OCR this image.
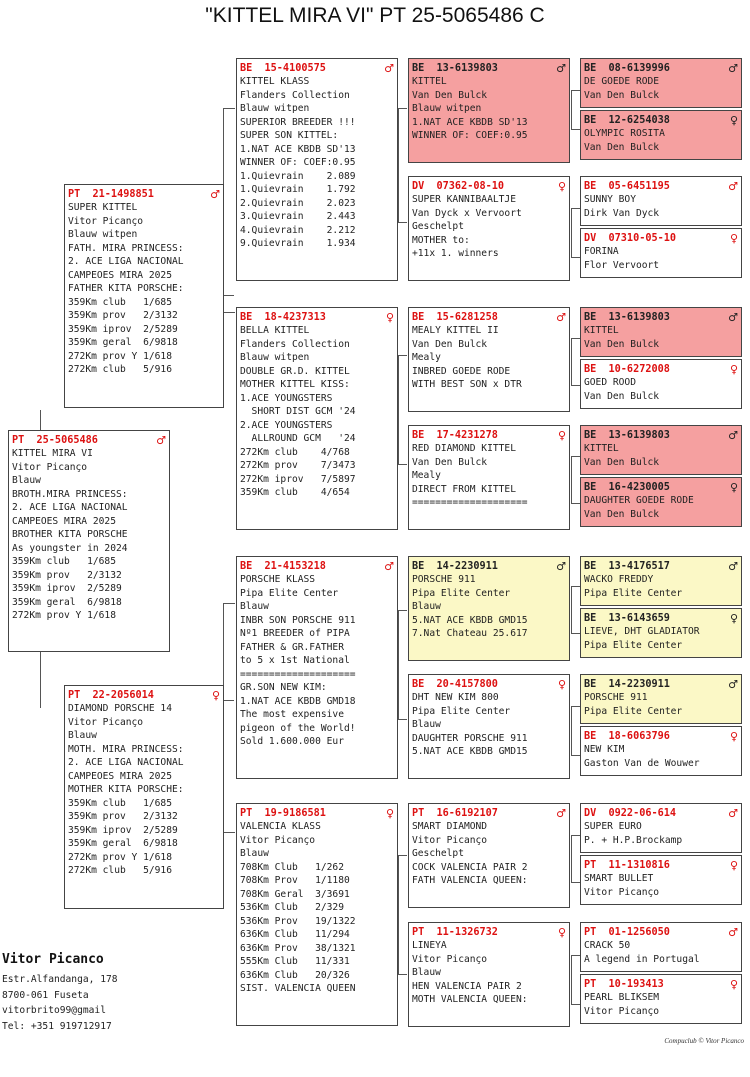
"KITTEL MIRA VI" PT 25-5065486 C
PT  25-5065486	♂
KITTEL MIRA VI
Vitor Picanço
Blauw
BROTH.MIRA PRINCESS:
2. ACE LIGA NACIONAL
CAMPEOES MIRA 2025
BROTHER KITA PORSCHE
As youngster in 2024
359Km club   1/685
359Km prov   2/3132
359Km iprov  2/5289
359Km geral  6/9818
272Km prov Y 1/618
PT  21-1498851	♂
SUPER KITTEL
Vitor Picanço
Blauw witpen
FATH. MIRA PRINCESS:
2. ACE LIGA NACIONAL
CAMPEOES MIRA 2025
FATHER KITA PORSCHE:
359Km club   1/685
359Km prov   2/3132
359Km iprov  2/5289
359Km geral  6/9818
272Km prov Y 1/618
272Km club   5/916
PT  22-2056014	♀
DIAMOND PORSCHE 14
Vitor Picanço
Blauw
MOTH. MIRA PRINCESS:
2. ACE LIGA NACIONAL
CAMPEOES MIRA 2025
MOTHER KITA PORSCHE:
359Km club   1/685
359Km prov   2/3132
359Km iprov  2/5289
359Km geral  6/9818
272Km prov Y 1/618
272Km club   5/916
BE  15-4100575	♂
KITTEL KLASS
Flanders Collection
Blauw witpen
SUPERIOR BREEDER !!!
SUPER SON KITTEL:
1.NAT ACE KBDB SD'13
WINNER OF: COEF:0.95
1.Quievrain    2.089
1.Quievrain    1.792
2.Quievrain    2.023
3.Quievrain    2.443
4.Quievrain    2.212
9.Quievrain    1.934
BE  18-4237313	♀
BELLA KITTEL
Flanders Collection
Blauw witpen
DOUBLE GR.D. KITTEL
MOTHER KITTEL KISS:
1.ACE YOUNGSTERS
SHORT DIST GCM '24
2.ACE YOUNGSTERS
ALLROUND GCM   '24
272Km club    4/768
272Km prov    7/3473
272Km iprov   7/5897
359Km club    4/654
BE  21-4153218	♂
PORSCHE KLASS
Pipa Elite Center
Blauw
INBR SON PORSCHE 911
Nº1 BREEDER of PIPA
FATHER & GR.FATHER
to 5 x 1st National
====================
GR.SON NEW KIM:
1.NAT ACE KBDB GMD18
The most expensive
pigeon of the World!
Sold 1.600.000 Eur
PT  19-9186581	♀
VALENCIA KLASS
Vitor Picanço
Blauw
708Km Club   1/262
708Km Prov   1/1180
708Km Geral  3/3691
536Km Club   2/329
536Km Prov   19/1322
636Km Club   11/294
636Km Prov   38/1321
555Km Club   11/331
636Km Club   20/326
SIST. VALENCIA QUEEN
BE  13-6139803	♂
KITTEL
Van Den Bulck
Blauw witpen
1.NAT ACE KBDB SD'13
WINNER OF: COEF:0.95
DV  07362-08-10	♀
SUPER KANNIBAALTJE
Van Dyck x Vervoort
Geschelpt
MOTHER to:
+11x 1. winners
BE  15-6281258	♂
MEALY KITTEL II
Van Den Bulck
Mealy
INBRED GOEDE RODE
WITH BEST SON x DTR
BE  17-4231278	♀
RED DIAMOND KITTEL
Van Den Bulck
Mealy
DIRECT FROM KITTEL
====================
BE  14-2230911	♂
PORSCHE 911
Pipa Elite Center
Blauw
5.NAT ACE KBDB GMD15
7.Nat Chateau 25.617
BE  20-4157800	♀
DHT NEW KIM 800
Pipa Elite Center
Blauw
DAUGHTER PORSCHE 911
5.NAT ACE KBDB GMD15
PT  16-6192107	♂
SMART DIAMOND
Vitor Picanço
Geschelpt
COCK VALENCIA PAIR 2
FATH VALENCIA QUEEN:
PT  11-1326732	♀
LINEYA
Vitor Picanço
Blauw
HEN VALENCIA PAIR 2
MOTH VALENCIA QUEEN:
BE  08-6139996	♂
DE GOEDE RODE
Van Den Bulck
BE  12-6254038	♀
OLYMPIC ROSITA
Van Den Bulck
BE  05-6451195	♂
SUNNY BOY
Dirk Van Dyck
DV  07310-05-10	♀
FORINA
Flor Vervoort
BE  13-6139803	♂
KITTEL
Van Den Bulck
BE  10-6272008	♀
GOED ROOD
Van Den Bulck
BE  13-6139803	♂
KITTEL
Van Den Bulck
BE  16-4230005	♀
DAUGHTER GOEDE RODE
Van Den Bulck
BE  13-4176517	♂
WACKO FREDDY
Pipa Elite Center
BE  13-6143659	♀
LIEVE, DHT GLADIATOR
Pipa Elite Center
BE  14-2230911	♂
PORSCHE 911
Pipa Elite Center
BE  18-6063796	♀
NEW KIM
Gaston Van de Wouwer
DV  0922-06-614	♂
SUPER EURO
P. + H.P.Brockamp
PT  11-1310816	♀
SMART BULLET
Vitor Picanço
PT  01-1256050	♂
CRACK 50
A legend in Portugal
PT  10-193413	♀
PEARL BLIKSEM
Vitor Picanço
Vitor Picanco
Estr.Alfandanga, 178
8700-061 Fuseta
vitorbrito99@gmail
Tel: +351 919712917
Compuclub © Vitor Picanco
